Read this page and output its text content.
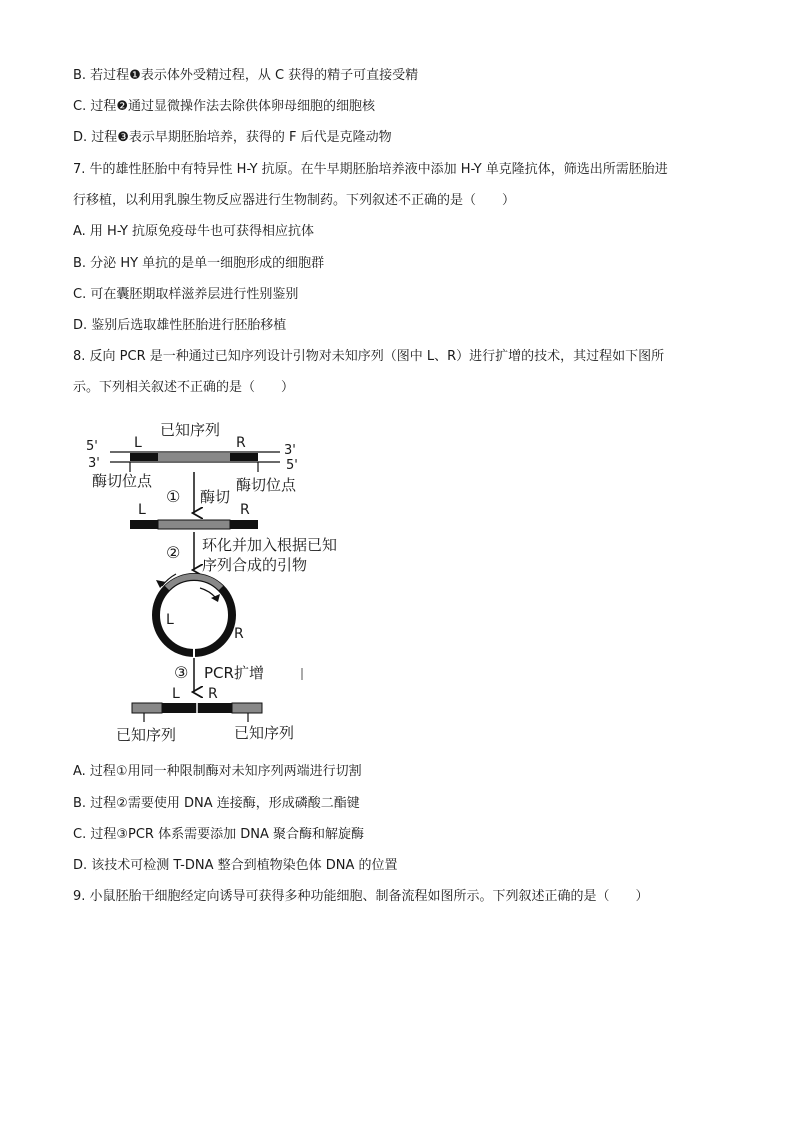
B. 若过程❶表示体外受精过程，从 C 获得的精子可直接受精
C. 过程❷通过显微操作法去除供体卵母细胞的细胞核
D. 过程❸表示早期胚胎培养，获得的 F 后代是克隆动物
7. 牛的雄性胚胎中有特异性 H-Y 抗原。在牛早期胚胎培养液中添加 H-Y 单克隆抗体，筛选出所需胚胎进
行移植，以利用乳腺生物反应器进行生物制药。下列叙述不正确的是（　　）
A. 用 H-Y 抗原免疫母牛也可获得相应抗体
B. 分泌 HY 单抗的是单一细胞形成的细胞群
C. 可在囊胚期取样滋养层进行性别鉴别
D. 鉴别后选取雄性胚胎进行胚胎移植
8. 反向 PCR 是一种通过已知序列设计引物对未知序列（图中 L、R）进行扩增的技术，其过程如下图所
示。下列相关叙述不正确的是（　　）
已知序列
5'
3'
3'
5'
L	R
酶切位点	酶切位点
① 酶切
L	R
② 环化并加入根据已知
序列合成的引物
L
R
③ PCR扩增
L R
已知序列	已知序列
A. 过程①用同一种限制酶对未知序列两端进行切割
B. 过程②需要使用 DNA 连接酶，形成磷酸二酯键
C. 过程③PCR 体系需要添加 DNA 聚合酶和解旋酶
D. 该技术可检测 T-DNA 整合到植物染色体 DNA 的位置
9. 小鼠胚胎干细胞经定向诱导可获得多种功能细胞、制备流程如图所示。下列叙述正确的是（　　）
